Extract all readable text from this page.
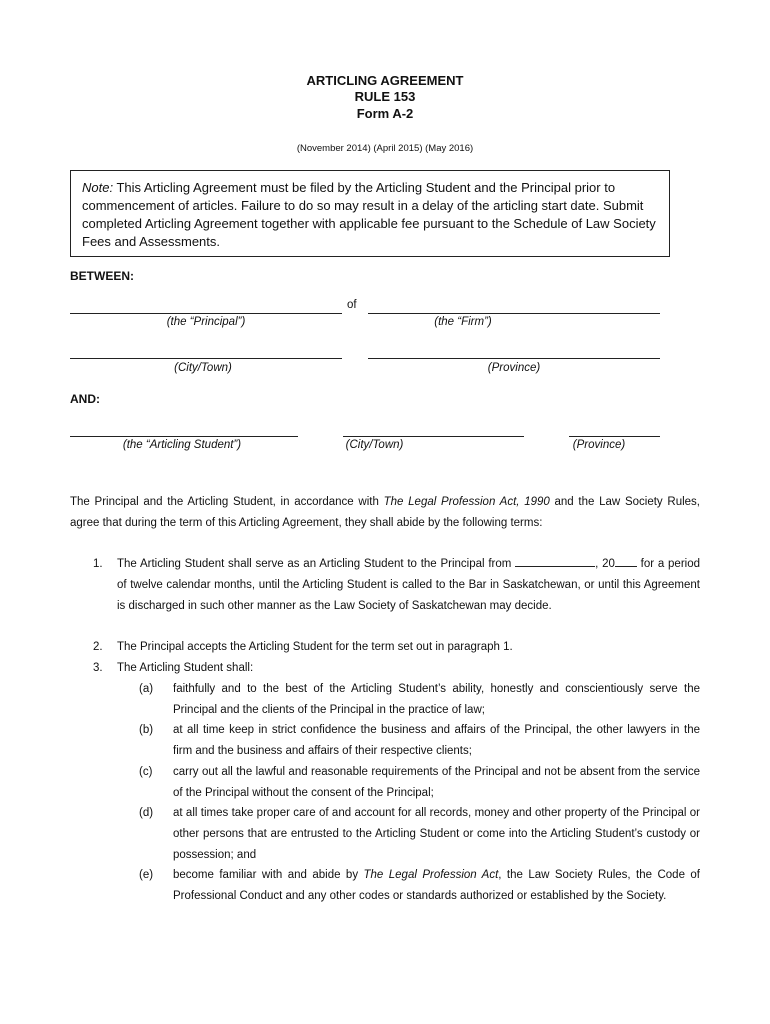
ARTICLING AGREEMENT
RULE 153
Form A-2
(November 2014) (April 2015) (May 2016)
Note: This Articling Agreement must be filed by the Articling Student and the Principal prior to commencement of articles. Failure to do so may result in a delay of the articling start date. Submit completed Articling Agreement together with applicable fee pursuant to the Schedule of Law Society Fees and Assessments.
BETWEEN:
of
(the “Principal”)	(the “Firm”)
(City/Town)	(Province)
AND:
(the “Articling Student”)	(City/Town)	(Province)
The Principal and the Articling Student, in accordance with The Legal Profession Act, 1990 and the Law Society Rules, agree that during the term of this Articling Agreement, they shall abide by the following terms:
1. The Articling Student shall serve as an Articling Student to the Principal from	, 20 for a period of twelve calendar months, until the Articling Student is called to the Bar in Saskatchewan, or until this Agreement is discharged in such other manner as the Law Society of Saskatchewan may decide.
2. The Principal accepts the Articling Student for the term set out in paragraph 1.
3. The Articling Student shall:
(a) faithfully and to the best of the Articling Student’s ability, honestly and conscientiously serve the Principal and the clients of the Principal in the practice of law;
(b) at all time keep in strict confidence the business and affairs of the Principal, the other lawyers in the firm and the business and affairs of their respective clients;
(c) carry out all the lawful and reasonable requirements of the Principal and not be absent from the service of the Principal without the consent of the Principal;
(d) at all times take proper care of and account for all records, money and other property of the Principal or other persons that are entrusted to the Articling Student or come into the Articling Student’s custody or possession; and
(e) become familiar with and abide by The Legal Profession Act, the Law Society Rules, the Code of Professional Conduct and any other codes or standards authorized or established by the Society.
